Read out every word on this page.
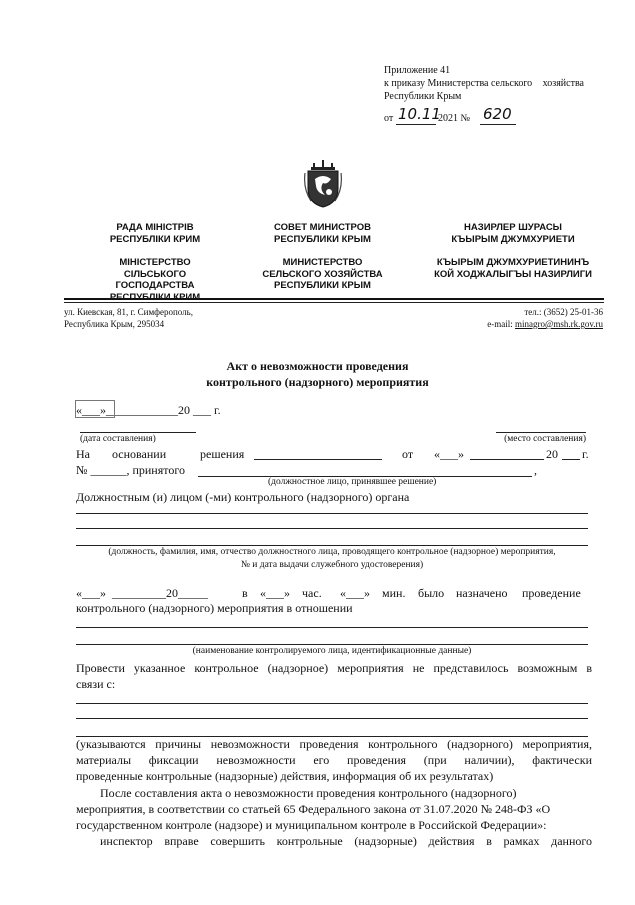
Приложение 41
к приказу Министерства сельского хозяйства
Республики Крым
от 10.11
2021 № 620
РАДА МІНІСТРІВ
РЕСПУБЛІКИ КРИМ
МІНІСТЕРСТВО
СІЛЬСЬКОГО
ГОСПОДАРСТВА
РЕСПУБЛІКИ КРИМ
СОВЕТ МИНИСТРОВ
РЕСПУБЛИКИ КРЫМ
МИНИСТЕРСТВО
СЕЛЬСКОГО ХОЗЯЙСТВА
РЕСПУБЛИКИ КРЫМ
НАЗИРЛЕР ШУРАСЫ
КЪЫРЫМ ДЖУМХУРИЕТИ
КЪЫРЫМ ДЖУМХУРИЕТИНИНЪ
КОЙ ХОДЖАЛЫГЪЫ НАЗИРЛИГИ
ул. Киевская, 81, г. Симферополь,
Республика Крым, 295034
тел.: (3652) 25-01-36
e-mail: minagro@msh.rk.gov.ru
Акт о невозможности проведения
контрольного (надзорного) мероприятия
«___»____________20 ___ г.
(дата составления)	(место составления)
На основании	решения	от «___»	20 г.
№ ______, принятого	,
(должностное лицо, принявшее решение)
Должностным (и) лицом (-ми) контрольного (надзорного) органа
(должность, фамилия, имя, отчество должностного лица, проводящего контрольное (надзорное) мероприятия,
№ и дата выдачи служебного удостоверения)
«___» _________20_____	в «___» час. «___» мин. было назначено проведение
контрольного (надзорного) мероприятия в отношении
(наименование контролируемого лица, идентификационные данные)
Провести указанное контрольное (надзорное) мероприятия не представилось возможным в
связи с:
(указываются причины невозможности проведения контрольного (надзорного) мероприятия,
материалы фиксации невозможности его проведения (при наличии), фактически
проведенные контрольные (надзорные) действия, информация об их результатах)
После составления акта о невозможности проведения контрольного (надзорного)
мероприятия, в соответствии со статьей 65 Федерального закона от 31.07.2020 № 248-ФЗ «О
государственном контроле (надзоре) и муниципальном контроле в Российской Федерации»:
инспектор вправе совершить контрольные (надзорные) действия в рамках данного
